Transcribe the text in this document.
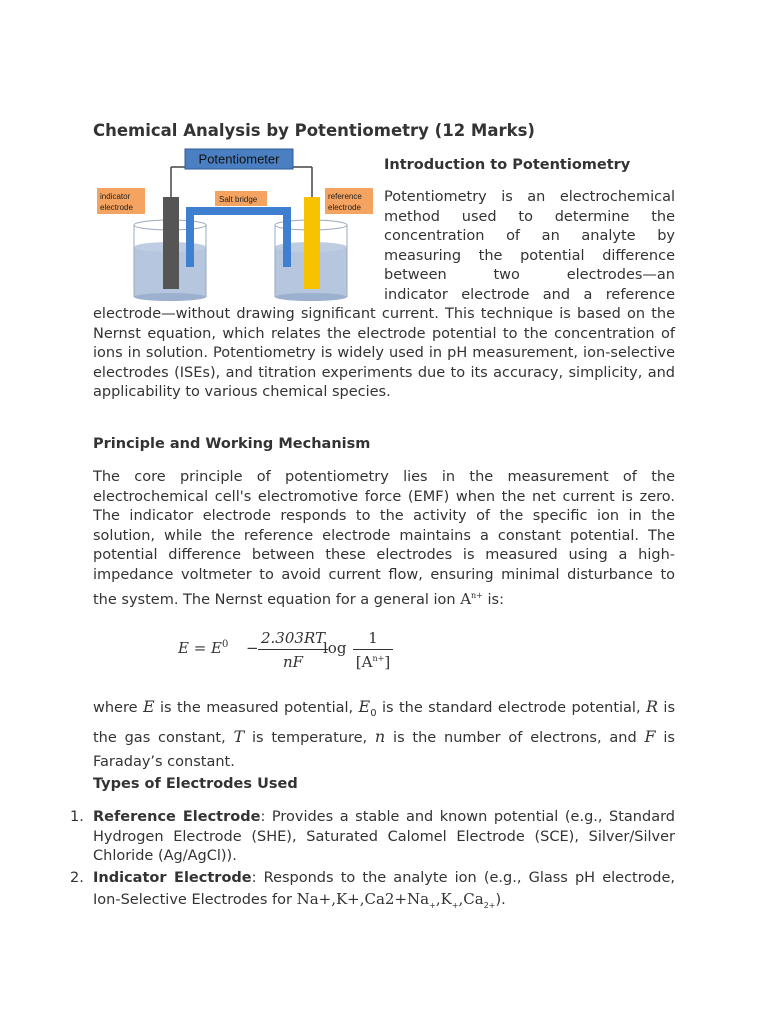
Chemical Analysis by Potentiometry (12 Marks)
Potentiometer
indicator
electrode
Salt bridge	reference
electrode
Introduction to Potentiometry

Potentiometry is an electrochemical

method used to determine the

concentration of an analyte by

measuring the potential difference

between two electrodes—an

indicator electrode and a reference

electrode—without drawing significant current. This technique is based on the Nernst equation, which relates the electrode potential to the concentration of ions in solution. Potentiometry is widely used in pH measurement, ion-selective electrodes (ISEs), and titration experiments due to its accuracy, simplicity, and applicability to various chemical species.

Principle and Working Mechanism

The core principle of potentiometry lies in the measurement of the electrochemical cell's electromotive force (EMF) when the net current is zero. The indicator electrode responds to the activity of the specific ion in the solution, while the reference electrode maintains a constant potential. The potential difference between these electrodes is measured using a high-impedance voltmeter to avoid current flow, ensuring minimal disturbance to the system. The Nernst equation for a general ion $A^{n+}$ is:

$E = E^0$ −
2.303RT
nF
log
1
$[A^{n+}]$

where E is the measured potential, $E_0$ is the standard electrode potential, R is the gas constant, T is temperature, n is the number of electrons, and F is Faraday’s constant.

Types of Electrodes Used
1. Reference Electrode: Provides a stable and known potential (e.g., Standard Hydrogen Electrode (SHE), Saturated Calomel Electrode (SCE), Silver/Silver Chloride (Ag/AgCl)).
2. Indicator Electrode: Responds to the analyte ion (e.g., Glass pH electrode, Ion-Selective Electrodes for $Na+,K+,Ca2+Na_+,K_+,Ca_{2+}$).
